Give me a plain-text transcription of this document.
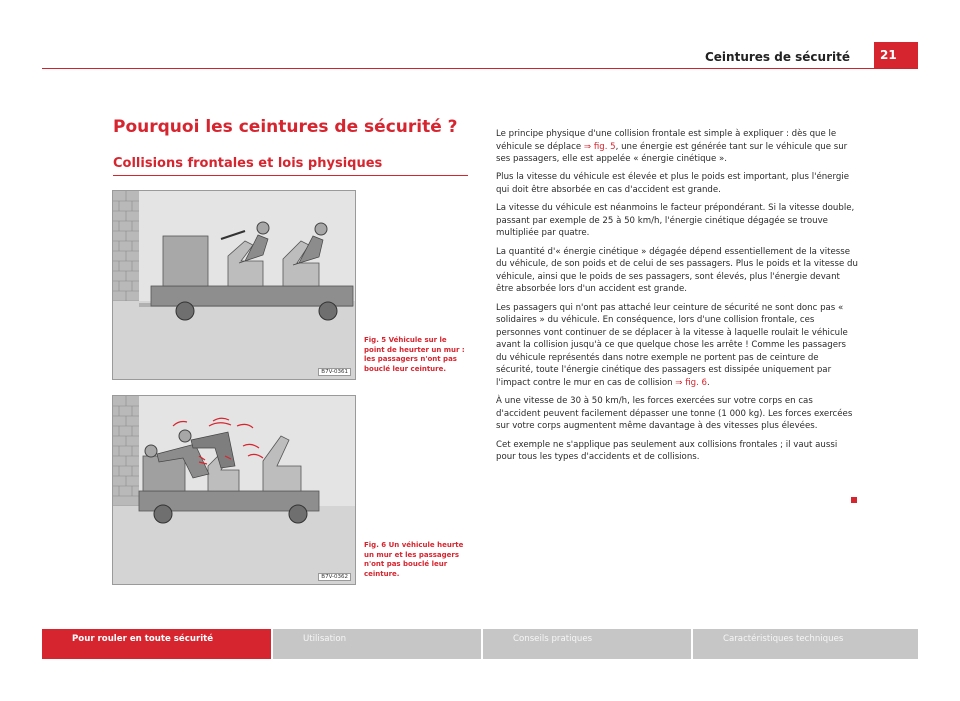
Ceintures de sécurité	21
Pourquoi les ceintures de sécurité ?
Collisions frontales et lois physiques
B7V-0361
Fig. 5 Véhicule sur le point de heurter un mur : les passagers n'ont pas bouclé leur ceinture.
B7V-0362
Fig. 6 Un véhicule heurte un mur et les passagers n'ont pas bouclé leur ceinture.

Le principe physique d'une collision frontale est simple à expliquer : dès que le véhicule se déplace ⇒ fig. 5, une énergie est générée tant sur le véhicule que sur ses passagers, elle est appelée « énergie cinétique ».

Plus la vitesse du véhicule est élevée et plus le poids est important, plus l'énergie qui doit être absorbée en cas d'accident est grande.

La vitesse du véhicule est néanmoins le facteur prépondérant. Si la vitesse double, passant par exemple de 25 à 50 km/h, l'énergie cinétique dégagée se trouve multipliée par quatre.

La quantité d'« énergie cinétique » dégagée dépend essentiellement de la vitesse du véhicule, de son poids et de celui de ses passagers. Plus le poids et la vitesse du véhicule, ainsi que le poids de ses passagers, sont élevés, plus l'énergie devant être absorbée lors d'un accident est grande.

Les passagers qui n'ont pas attaché leur ceinture de sécurité ne sont donc pas « solidaires » du véhicule. En conséquence, lors d'une collision frontale, ces personnes vont continuer de se déplacer à la vitesse à laquelle roulait le véhicule avant la collision jusqu'à ce que quelque chose les arrête ! Comme les passagers du véhicule représentés dans notre exemple ne portent pas de ceinture de sécurité, toute l'énergie cinétique des passagers est dissipée uniquement par l'impact contre le mur en cas de collision ⇒ fig. 6.

À une vitesse de 30 à 50 km/h, les forces exercées sur votre corps en cas d'accident peuvent facilement dépasser une tonne (1 000 kg). Les forces exercées sur votre corps augmentent même davantage à des vitesses plus élevées.

Cet exemple ne s'applique pas seulement aux collisions frontales ; il vaut aussi pour tous les types d'accidents et de collisions.

Pour rouler en toute sécurité	Utilisation	Conseils pratiques	Caractéristiques techniques
